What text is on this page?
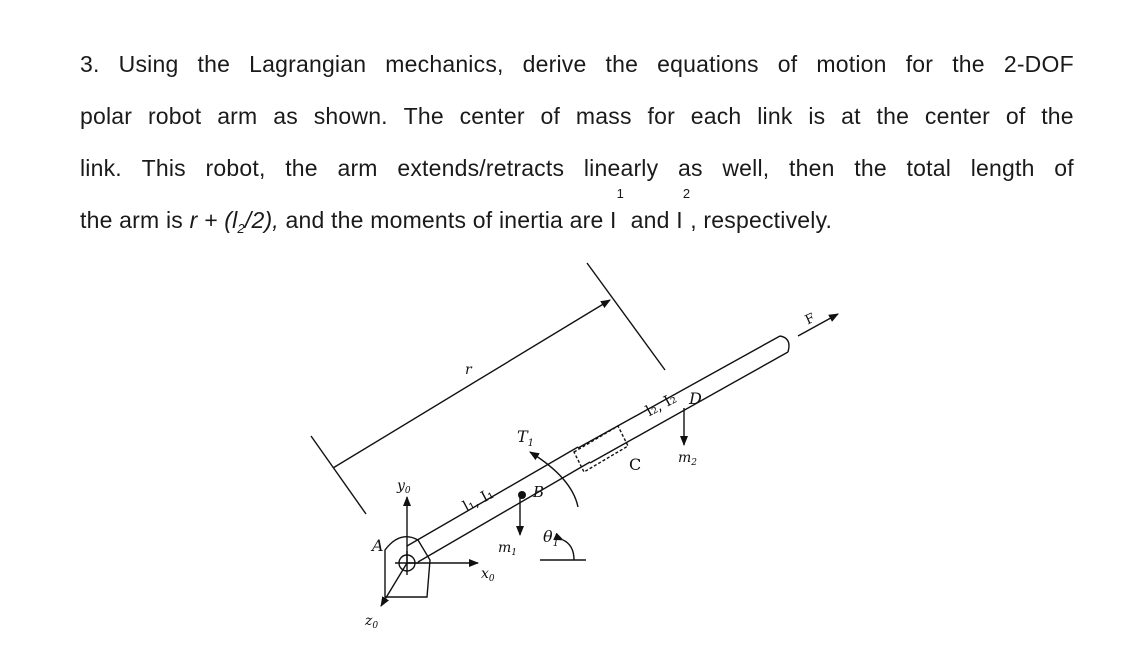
3. Using the Lagrangian mechanics, derive the equations of motion for the 2-DOF
polar robot arm as shown. The center of mass for each link is at the center of the
link. This robot, the arm extends/retracts linearly as well, then the total length of
the arm is
$r + (l_2/2)$,
and the moments of inertia are I
1

and I
2
, respectively.
r
l₁, I₁
l₂, I₂
$T_1$
B
C
D
F
$m_1$
$m_2$
$\theta_1$
A
$y_0$
$x_0$
$z_0$
